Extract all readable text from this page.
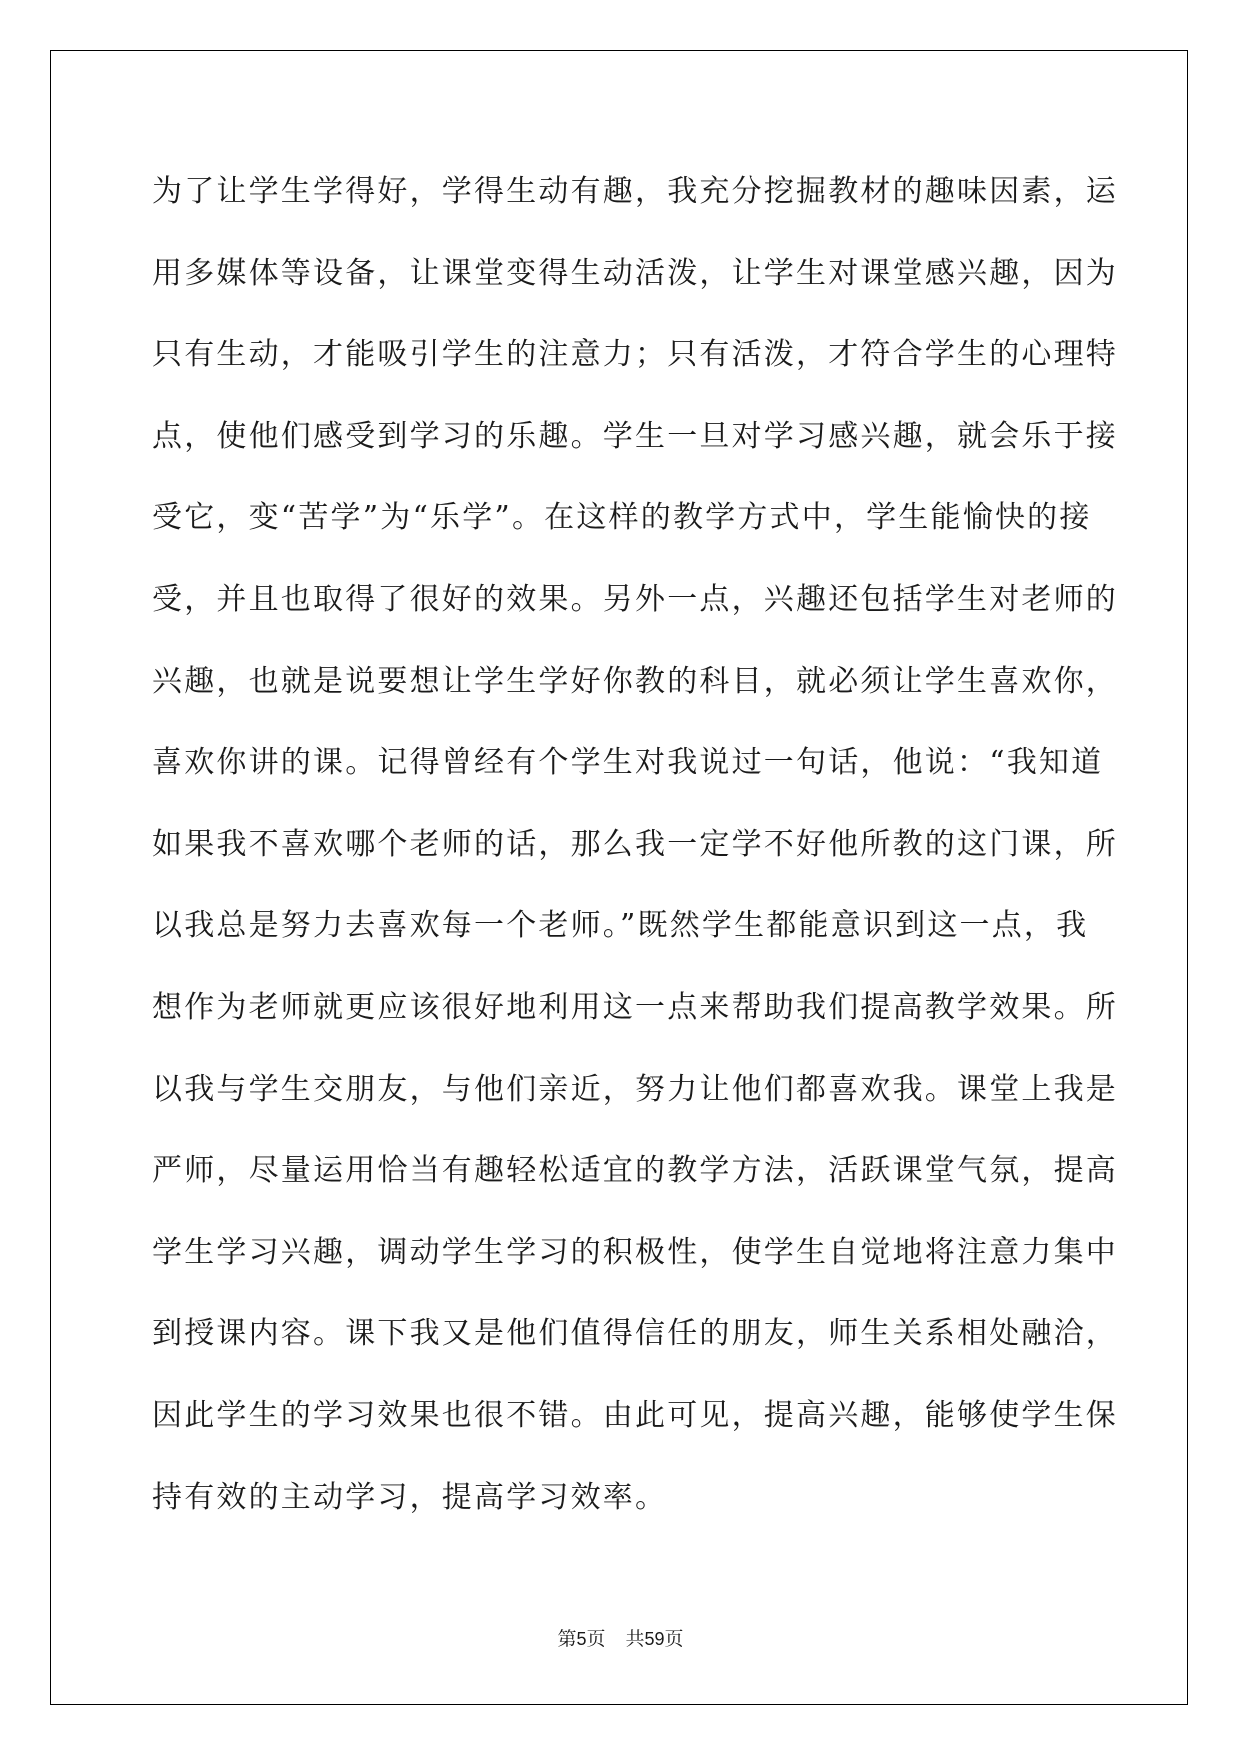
为了让学生学得好，学得生动有趣，我充分挖掘教材的趣味因素，运
用多媒体等设备，让课堂变得生动活泼，让学生对课堂感兴趣，因为
只有生动，才能吸引学生的注意力；只有活泼，才符合学生的心理特
点，使他们感受到学习的乐趣。学生一旦对学习感兴趣，就会乐于接
受它，变“苦学”为“乐学”。在这样的教学方式中，学生能愉快的接
受，并且也取得了很好的效果。另外一点，兴趣还包括学生对老师的
兴趣，也就是说要想让学生学好你教的科目，就必须让学生喜欢你，
喜欢你讲的课。记得曾经有个学生对我说过一句话，他说：“我知道
如果我不喜欢哪个老师的话，那么我一定学不好他所教的这门课，所
以我总是努力去喜欢每一个老师。”既然学生都能意识到这一点，我
想作为老师就更应该很好地利用这一点来帮助我们提高教学效果。所
以我与学生交朋友，与他们亲近，努力让他们都喜欢我。课堂上我是
严师，尽量运用恰当有趣轻松适宜的教学方法，活跃课堂气氛，提高
学生学习兴趣，调动学生学习的积极性，使学生自觉地将注意力集中
到授课内容。课下我又是他们值得信任的朋友，师生关系相处融洽，
因此学生的学习效果也很不错。由此可见，提高兴趣，能够使学生保
持有效的主动学习，提高学习效率。
第5页 共59页
